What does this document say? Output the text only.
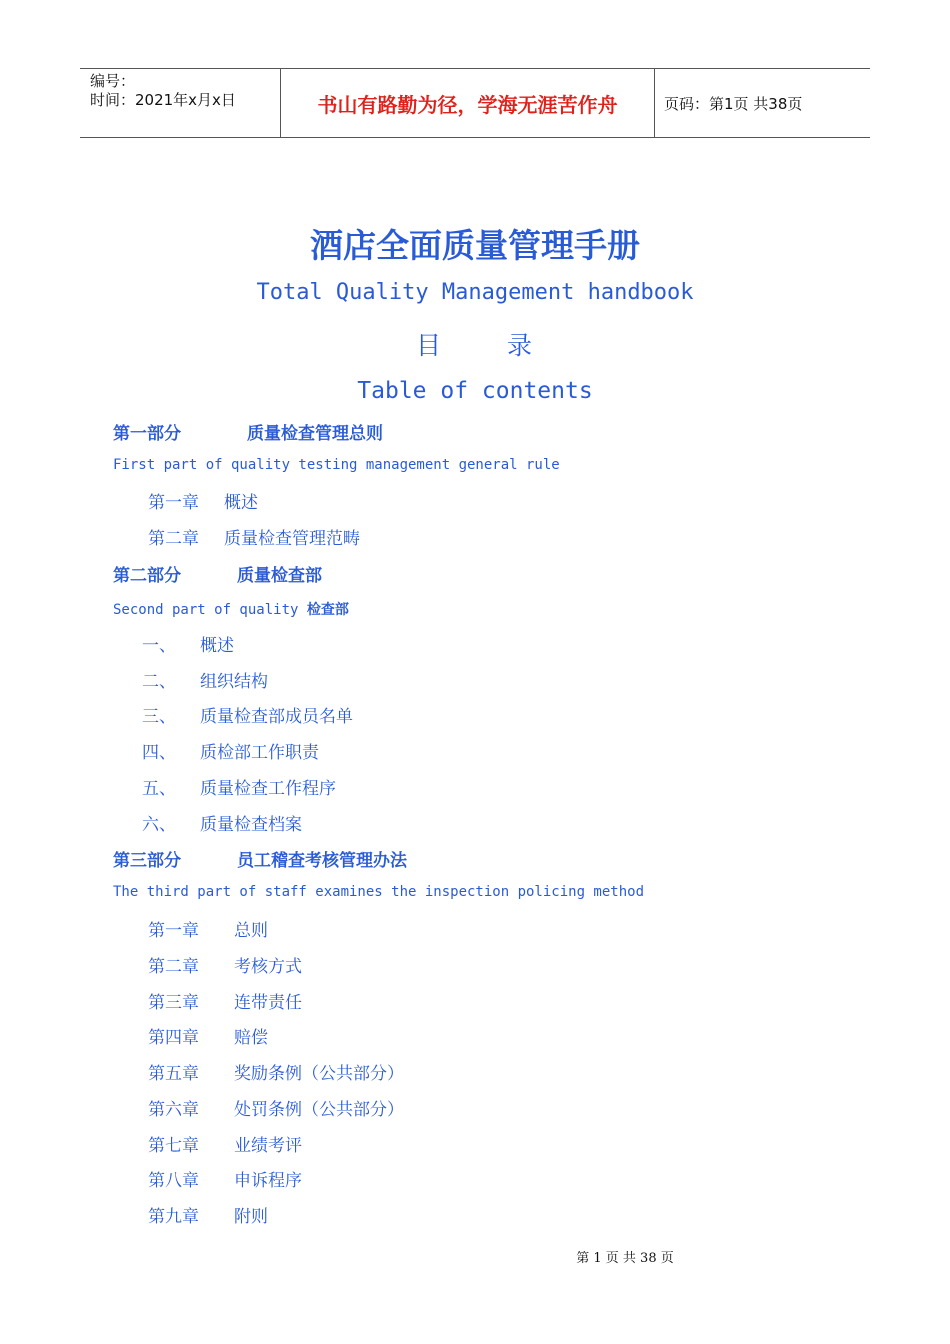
编号：
时间：2021年x月x日	书山有路勤为径，学海无涯苦作舟	页码：第1页 共38页
酒店全面质量管理手册
Total Quality Management handbook
目	录
Table of contents
第一部分	质量检查管理总则
First part of quality testing management general rule
第一章 概述
第二章 质量检查管理范畴
第二部分	质量检查部
Second part of quality 检查部
一、 概述
二、 组织结构
三、 质量检查部成员名单
四、 质检部工作职责
五、 质量检查工作程序
六、 质量检查档案
第三部分	员工稽查考核管理办法
The third part of staff examines the inspection policing method
第一章 总则
第二章 考核方式
第三章 连带责任
第四章 赔偿
第五章 奖励条例（公共部分）
第六章 处罚条例（公共部分）
第七章 业绩考评
第八章 申诉程序
第九章 附则
第 1 页 共 38 页
